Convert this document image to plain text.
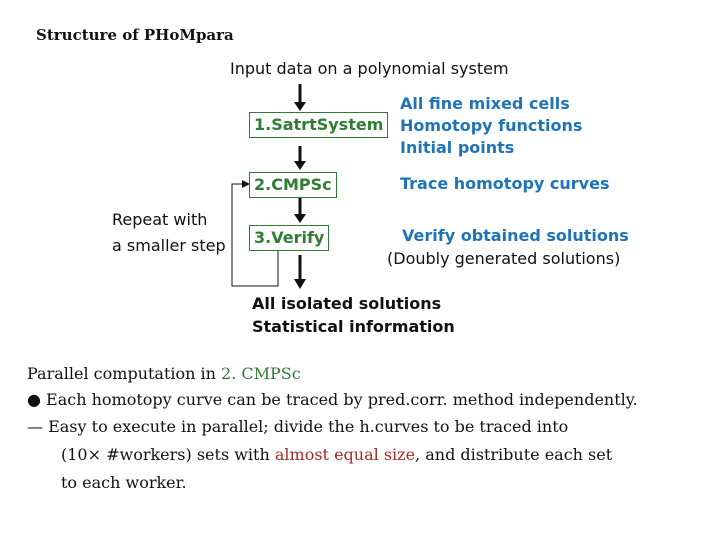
Structure of PHoMpara
Input data on a polynomial system
1.SatrtSystem
2.CMPSc
3.Verify
All fine mixed cells
Homotopy functions
Initial points
Trace homotopy curves
Verify obtained solutions
(Doubly generated solutions)
Repeat with
a smaller step
All isolated solutions
Statistical information
Parallel computation in 2. CMPSc
● Each homotopy curve can be traced by pred.corr. method independently.
— Easy to execute in parallel; divide the h.curves to be traced into
(10× #workers) sets with almost equal size, and distribute each set
to each worker.
